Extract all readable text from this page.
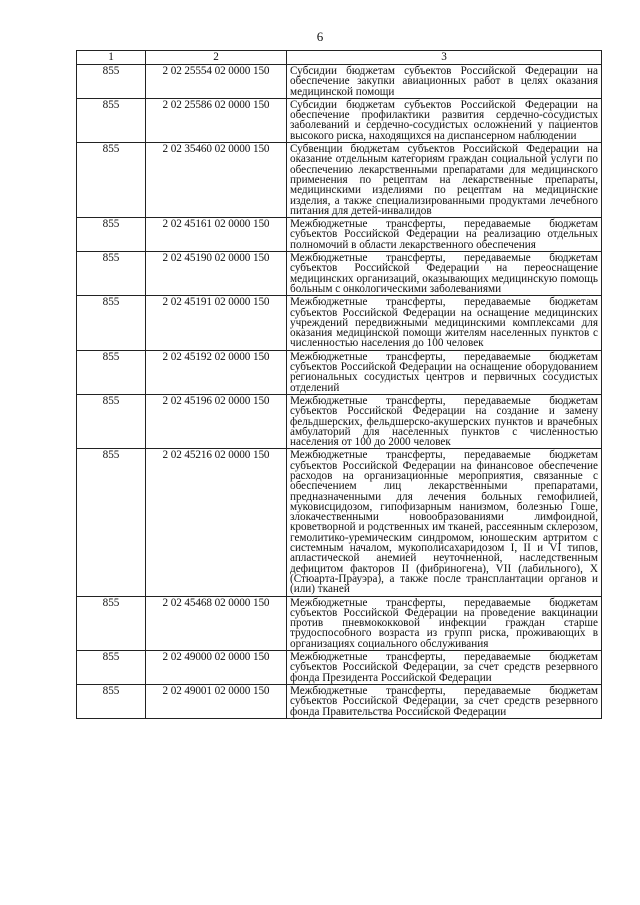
6
1	2	3
855	2 02 25554 02 0000 150	Субсидии бюджетам субъектов Российской Федерации на обеспечение закупки авиационных работ в целях оказания медицинской помощи
855	2 02 25586 02 0000 150	Субсидии бюджетам субъектов Российской Федерации на обеспечение профилактики развития сердечно-сосудистых заболеваний и сердечно-сосудистых осложнений у пациентов высокого риска, находящихся на диспансерном наблюдении
855	2 02 35460 02 0000 150	Субвенции бюджетам субъектов Российской Федерации на оказание отдельным категориям граждан социальной услуги по обеспечению лекарственными препаратами для медицинского применения по рецептам на лекарственные препараты, медицинскими изделиями по рецептам на медицинские изделия, а также специализированными продуктами лечебного питания для детей-инвалидов
855	2 02 45161 02 0000 150	Межбюджетные трансферты, передаваемые бюджетам субъектов Российской Федерации на реализацию отдельных полномочий в области лекарственного обеспечения
855	2 02 45190 02 0000 150	Межбюджетные трансферты, передаваемые бюджетам субъектов Российской Федерации на переоснащение медицинских организаций, оказывающих медицинскую помощь больным с онкологическими заболеваниями
855	2 02 45191 02 0000 150	Межбюджетные трансферты, передаваемые бюджетам субъектов Российской Федерации на оснащение медицинских учреждений передвижными медицинскими комплексами для оказания медицинской помощи жителям населенных пунктов с численностью населения до 100 человек
855	2 02 45192 02 0000 150	Межбюджетные трансферты, передаваемые бюджетам субъектов Российской Федерации на оснащение оборудованием региональных сосудистых центров и первичных сосудистых отделений
855	2 02 45196 02 0000 150	Межбюджетные трансферты, передаваемые бюджетам субъектов Российской Федерации на создание и замену фельдшерских, фельдшерско-акушерских пунктов и врачебных амбулаторий для населенных пунктов с численностью населения от 100 до 2000 человек
855	2 02 45216 02 0000 150	Межбюджетные трансферты, передаваемые бюджетам субъектов Российской Федерации на финансовое обеспечение расходов на организационные мероприятия, связанные с обеспечением лиц лекарственными препаратами, предназначенными для лечения больных гемофилией, муковисцидозом, гипофизарным нанизмом, болезнью Гоше, злокачественными новообразованиями лимфоидной, кроветворной и родственных им тканей, рассеянным склерозом, гемолитико-уремическим синдромом, юношеским артритом с системным началом, мукополисахаридозом I, II и VI типов, апластической анемией неуточненной, наследственным дефицитом факторов II (фибриногена), VII (лабильного), X (Стюарта-Прауэра), а также после трансплантации органов и (или) тканей
855	2 02 45468 02 0000 150	Межбюджетные трансферты, передаваемые бюджетам субъектов Российской Федерации на проведение вакцинации против пневмококковой инфекции граждан старше трудоспособного возраста из групп риска, проживающих в организациях социального обслуживания
855	2 02 49000 02 0000 150	Межбюджетные трансферты, передаваемые бюджетам субъектов Российской Федерации, за счет средств резервного фонда Президента Российской Федерации
855	2 02 49001 02 0000 150	Межбюджетные трансферты, передаваемые бюджетам субъектов Российской Федерации, за счет средств резервного фонда Правительства Российской Федерации
